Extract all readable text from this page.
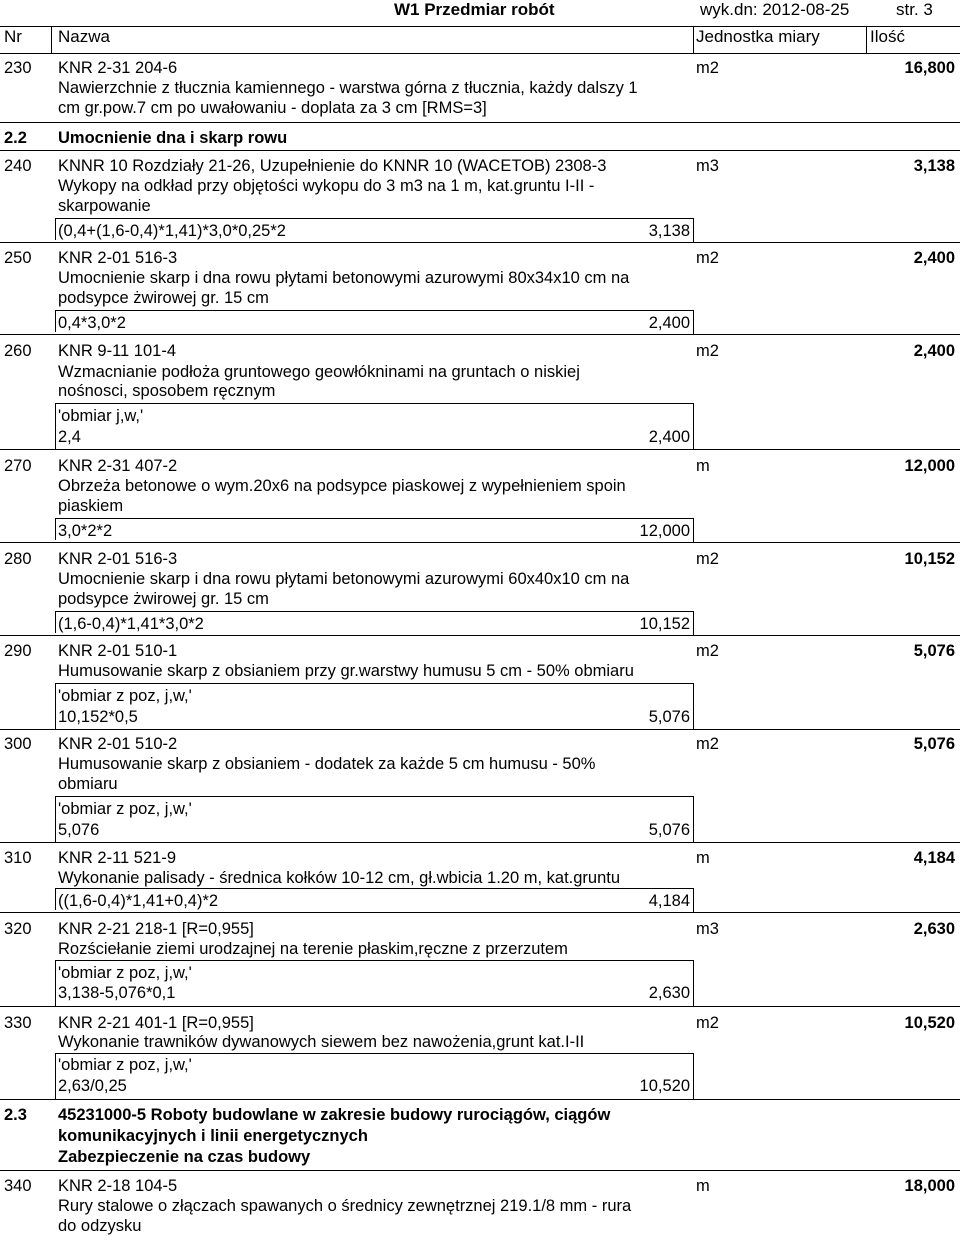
W1 Przedmiar robót	wyk.dn: 2012-08-25	str. 3
Nr Nazwa	Jednostka miary	Ilość
230 KNR 2-31 204-6
Nawierzchnie z tłucznia kamiennego - warstwa górna z tłucznia, każdy dalszy 1
cm gr.pow.7 cm po uwałowaniu - doplata za 3 cm [RMS=3]
m2	16,800
2.2 Umocnienie dna i skarp rowu
240 KNNR 10 Rozdziały 21-26, Uzupełnienie do KNNR 10 (WACETOB) 2308-3
Wykopy na odkład przy objętości wykopu do 3 m3 na 1 m, kat.gruntu I-II -
skarpowanie
(0,4+(1,6-0,4)*1,41)*3,0*0,25*2	3,138
m3	3,138
250 KNR 2-01 516-3
Umocnienie skarp i dna rowu płytami betonowymi azurowymi 80x34x10 cm na
podsypce żwirowej gr. 15 cm
0,4*3,0*2	2,400
m2	2,400
260 KNR 9-11 101-4
Wzmacnianie podłoża gruntowego geowłókninami na gruntach o niskiej
nośnosci, sposobem ręcznym
'obmiar j,w,'
2,4	2,400
m2	2,400
270 KNR 2-31 407-2
Obrzeża betonowe o wym.20x6 na podsypce piaskowej z wypełnieniem spoin
piaskiem
3,0*2*2	12,000
m	12,000
280 KNR 2-01 516-3
Umocnienie skarp i dna rowu płytami betonowymi azurowymi 60x40x10 cm na
podsypce żwirowej gr. 15 cm
(1,6-0,4)*1,41*3,0*2	10,152
m2	10,152
290 KNR 2-01 510-1
Humusowanie skarp z obsianiem przy gr.warstwy humusu 5 cm - 50% obmiaru
'obmiar z poz, j,w,'
10,152*0,5	5,076
m2	5,076
300 KNR 2-01 510-2
Humusowanie skarp z obsianiem - dodatek za każde 5 cm humusu - 50%
obmiaru
'obmiar z poz, j,w,'
5,076	5,076
m2	5,076
310 KNR 2-11 521-9
Wykonanie palisady - średnica kołków 10-12 cm, gł.wbicia 1.20 m, kat.gruntu
((1,6-0,4)*1,41+0,4)*2	4,184
m	4,184
320 KNR 2-21 218-1 [R=0,955]
Rozściełanie ziemi urodzajnej na terenie płaskim,ręczne z przerzutem
'obmiar z poz, j,w,'
3,138-5,076*0,1	2,630
m3	2,630
330 KNR 2-21 401-1 [R=0,955]
Wykonanie trawników dywanowych siewem bez nawożenia,grunt kat.I-II
'obmiar z poz, j,w,'
2,63/0,25	10,520
m2	10,520
2.3 45231000-5 Roboty budowlane w zakresie budowy rurociągów, ciągów
komunikacyjnych i linii energetycznych
Zabezpieczenie na czas budowy
340 KNR 2-18 104-5
Rury stalowe o złączach spawanych o średnicy zewnętrznej 219.1/8 mm - rura
do odzysku
m	18,000
